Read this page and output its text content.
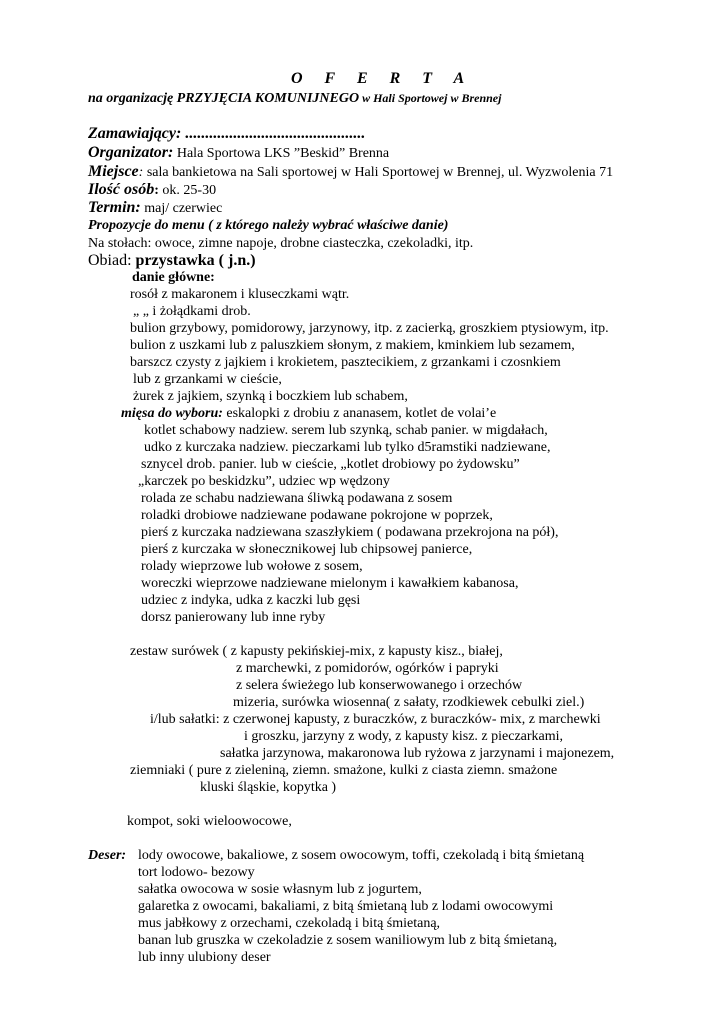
O F E R T A
na organizację PRZYJĘCIA KOMUNIJNEGO w Hali Sportowej w Brennej
Zamawiający: .............................................
Organizator: Hala Sportowa LKS ”Beskid” Brenna
Miejsce: sala bankietowa na Sali sportowej w Hali Sportowej w Brennej, ul. Wyzwolenia 71
Ilość osób: ok. 25-30
Termin: maj/ czerwiec
Propozycje do menu ( z którego należy wybrać właściwe danie)
Na stołach: owoce, zimne napoje, drobne ciasteczka, czekoladki, itp.
Obiad: przystawka ( j.n.)
danie główne:
rosół z makaronem i kluseczkami wątr.
„ „ i żołądkami drob.
bulion grzybowy, pomidorowy, jarzynowy, itp. z zacierką, groszkiem ptysiowym, itp.
bulion z uszkami lub z paluszkiem słonym, z makiem, kminkiem lub sezamem,
barszcz czysty z jajkiem i krokietem, pasztecikiem, z grzankami i czosnkiem
lub z grzankami w cieście,
żurek z jajkiem, szynką i boczkiem lub schabem,
mięsa do wyboru: eskalopki z drobiu z ananasem, kotlet de volai’e
kotlet schabowy nadziew. serem lub szynką, schab panier. w migdałach,
udko z kurczaka nadziew. pieczarkami lub tylko d5ramstiki nadziewane,
sznycel drob. panier. lub w cieście, „kotlet drobiowy po żydowsku”
„karczek po beskidzku”, udziec wp wędzony
rolada ze schabu nadziewana śliwką podawana z sosem
roladki drobiowe nadziewane podawane pokrojone w poprzek,
pierś z kurczaka nadziewana szaszłykiem ( podawana przekrojona na pół),
pierś z kurczaka w słonecznikowej lub chipsowej panierce,
rolady wieprzowe lub wołowe z sosem,
woreczki wieprzowe nadziewane mielonym i kawałkiem kabanosa,
udziec z indyka, udka z kaczki lub gęsi
dorsz panierowany lub inne ryby
zestaw surówek ( z kapusty pekińskiej-mix, z kapusty kisz., białej,
z marchewki, z pomidorów, ogórków i papryki
z selera świeżego lub konserwowanego i orzechów
mizeria, surówka wiosenna( z sałaty, rzodkiewek cebulki ziel.)
i/lub sałatki: z czerwonej kapusty, z buraczków, z buraczków- mix, z marchewki
i groszku, jarzyny z wody, z kapusty kisz. z pieczarkami,
sałatka jarzynowa, makaronowa lub ryżowa z jarzynami i majonezem,
ziemniaki ( pure z zieleniną, ziemn. smażone, kulki z ciasta ziemn. smażone
kluski śląskie, kopytka )
kompot, soki wieloowocowe,
Deser: lody owocowe, bakaliowe, z sosem owocowym, toffi, czekoladą i bitą śmietaną
tort lodowo- bezowy
sałatka owocowa w sosie własnym lub z jogurtem,
galaretka z owocami, bakaliami, z bitą śmietaną lub z lodami owocowymi
mus jabłkowy z orzechami, czekoladą i bitą śmietaną,
banan lub gruszka w czekoladzie z sosem waniliowym lub z bitą śmietaną,
lub inny ulubiony deser
